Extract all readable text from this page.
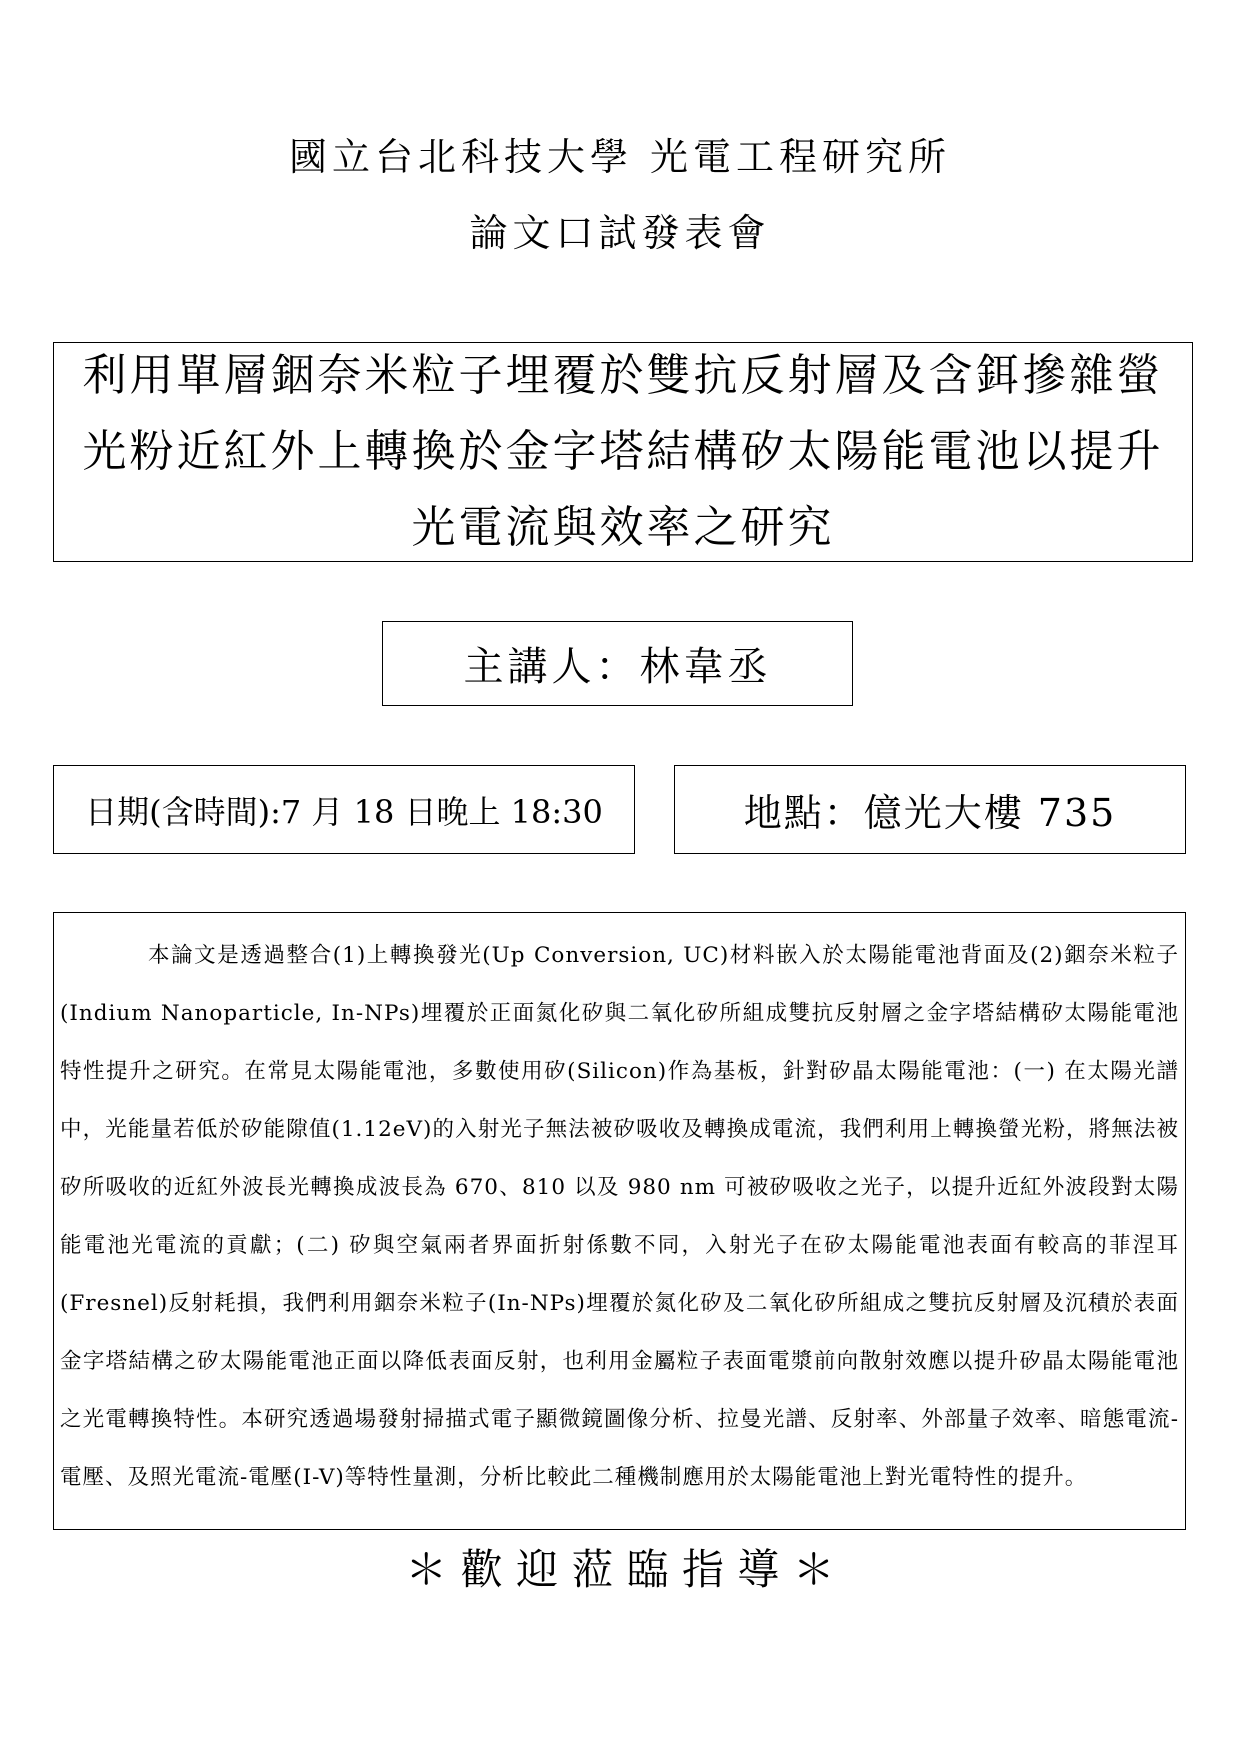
國立台北科技大學 光電工程研究所
論文口試發表會
利用單層銦奈米粒子埋覆於雙抗反射層及含鉺摻雜螢光粉近紅外上轉換於金字塔結構矽太陽能電池以提升光電流與效率之研究
主講人：林韋丞
日期(含時間):7 月 18 日晚上 18:30	地點：億光大樓 735

本論文是透過整合(1)上轉換發光(Up Conversion, UC)材料嵌入於太陽能電池背面及(2)銦奈米粒子(Indium Nanoparticle, In-NPs)埋覆於正面氮化矽與二氧化矽所組成雙抗反射層之金字塔結構矽太陽能電池特性提升之研究。在常見太陽能電池，多數使用矽(Silicon)作為基板，針對矽晶太陽能電池：(一) 在太陽光譜中，光能量若低於矽能隙值(1.12eV)的入射光子無法被矽吸收及轉換成電流，我們利用上轉換螢光粉，將無法被矽所吸收的近紅外波長光轉換成波長為 670、810 以及 980 nm 可被矽吸收之光子，以提升近紅外波段對太陽能電池光電流的貢獻；(二) 矽與空氣兩者界面折射係數不同，入射光子在矽太陽能電池表面有較高的菲涅耳(Fresnel)反射耗損，我們利用銦奈米粒子(In-NPs)埋覆於氮化矽及二氧化矽所組成之雙抗反射層及沉積於表面金字塔結構之矽太陽能電池正面以降低表面反射，也利用金屬粒子表面電漿前向散射效應以提升矽晶太陽能電池之光電轉換特性。本研究透過場發射掃描式電子顯微鏡圖像分析、拉曼光譜、反射率、外部量子效率、暗態電流-電壓、及照光電流-電壓(I-V)等特性量測，分析比較此二種機制應用於太陽能電池上對光電特性的提升。

＊ 歡 迎 蒞 臨 指 導 ＊
